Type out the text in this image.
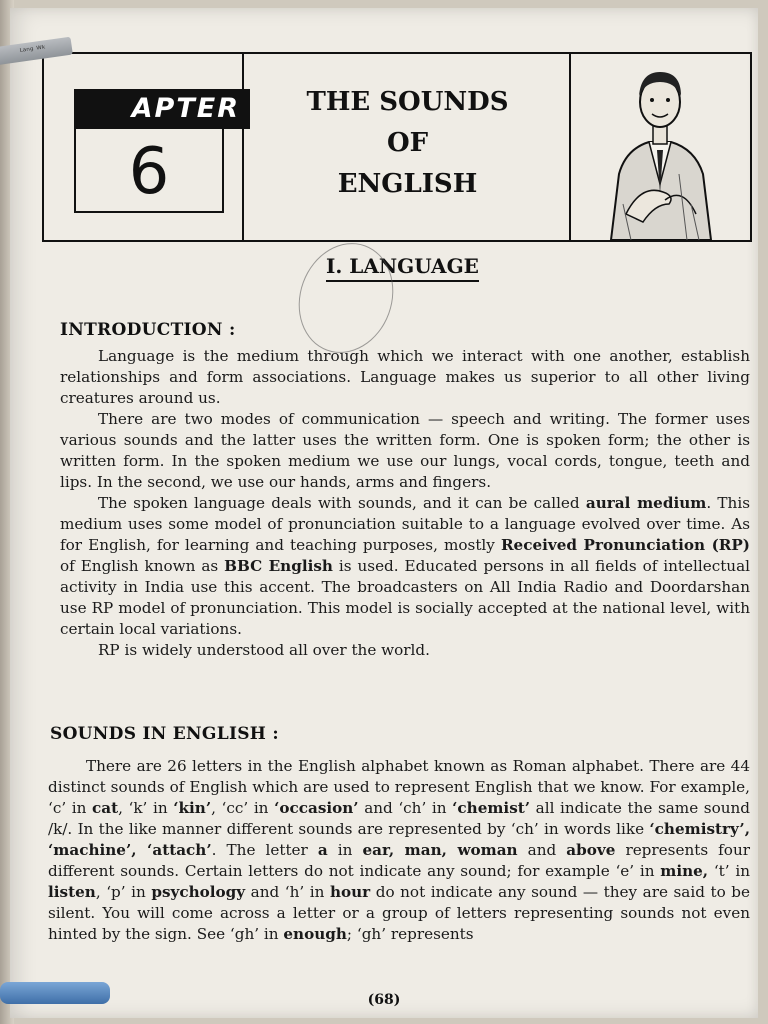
APTER
6
THE SOUNDS
OF
ENGLISH
ᴸᵃⁿᵍ ᵂᵏ
I. LANGUAGE
INTRODUCTION :

Language is the medium through which we interact with one another, establish relationships and form associations. Language makes us superior to all other living creatures around us.

There are two modes of communication — speech and writing. The former uses various sounds and the latter uses the written form. One is spoken form; the other is written form. In the spoken medium we use our lungs, vocal cords, tongue, teeth and lips. In the second, we use our hands, arms and fingers.

The spoken language deals with sounds, and it can be called aural medium. This medium uses some model of pronunciation suitable to a language evolved over time. As for English, for learning and teaching purposes, mostly Received Pronunciation (RP) of English known as BBC English is used. Educated persons in all fields of intellectual activity in India use this accent. The broadcasters on All India Radio and Doordarshan use RP model of pronunciation. This model is socially accepted at the national level, with certain local variations.

RP is widely understood all over the world.

SOUNDS IN ENGLISH :

There are 26 letters in the English alphabet known as Roman alphabet. There are 44 distinct sounds of English which are used to represent English that we know. For example, ‘c’ in cat, ‘k’ in ‘kin’, ‘cc’ in ‘occasion’ and ‘ch’ in ‘chemist’ all indicate the same sound /k/. In the like manner different sounds are represented by ‘ch’ in words like ‘chemistry’, ‘machine’, ‘attach’. The letter a in ear, man, woman and above represents four different sounds. Certain letters do not indicate any sound; for example ‘e’ in mine, ‘t’ in listen, ‘p’ in psychology and ‘h’ in hour do not indicate any sound — they are said to be silent. You will come across a letter or a group of letters representing sounds not even hinted by the sign. See ‘gh’ in enough; ‘gh’ represents

(68)
